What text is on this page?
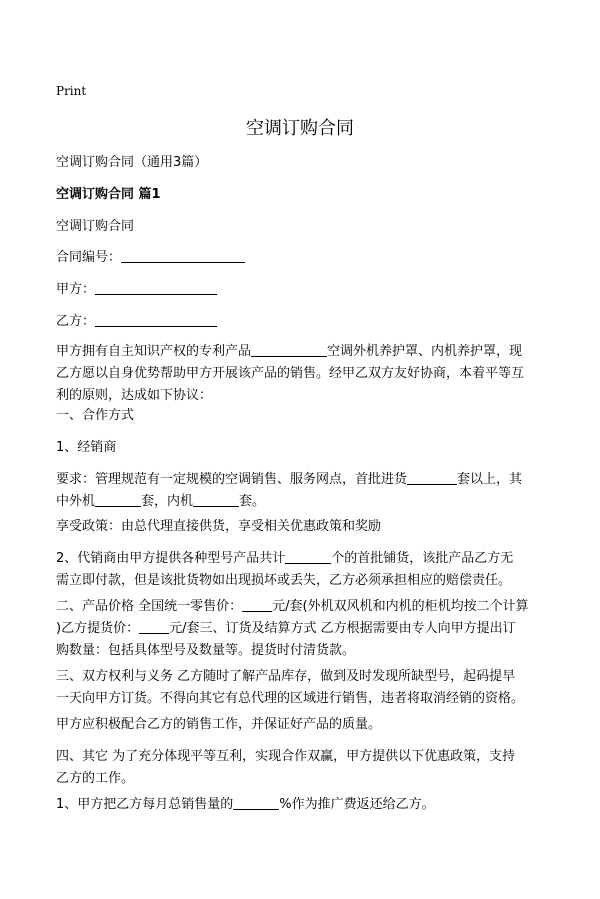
Print
空调订购合同
空调订购合同（通用3篇）
空调订购合同 篇1
空调订购合同
合同编号：
甲方：
乙方：
甲方拥有自主知识产权的专利产品	空调外机养护罩、内机养护罩，现
乙方愿以自身优势帮助甲方开展该产品的销售。经甲乙双方友好协商，本着平等互
利的原则，达成如下协议：
一、合作方式
1、经销商
要求：管理规范有一定规模的空调销售、服务网点，首批进货	套以上，其
中外机	套，内机	套。
享受政策：由总代理直接供货，享受相关优惠政策和奖励
2、代销商由甲方提供各种型号产品共计	个的首批铺货，该批产品乙方无
需立即付款，但是该批货物如出现损坏或丢失，乙方必须承担相应的赔偿责任。
二、产品价格 全国统一零售价： 元/套(外机双风机和内机的柜机均按二个计算
)乙方提货价： 元/套三、订货及结算方式 乙方根据需要由专人向甲方提出订
购数量：包括具体型号及数量等。提货时付清货款。
三、双方权利与义务 乙方随时了解产品库存，做到及时发现所缺型号，起码提早
一天向甲方订货。不得向其它有总代理的区域进行销售，违者将取消经销的资格。
甲方应积极配合乙方的销售工作，并保证好产品的质量。
四、其它 为了充分体现平等互利，实现合作双赢，甲方提供以下优惠政策，支持
乙方的工作。
1、甲方把乙方每月总销售量的	%作为推广费返还给乙方。
